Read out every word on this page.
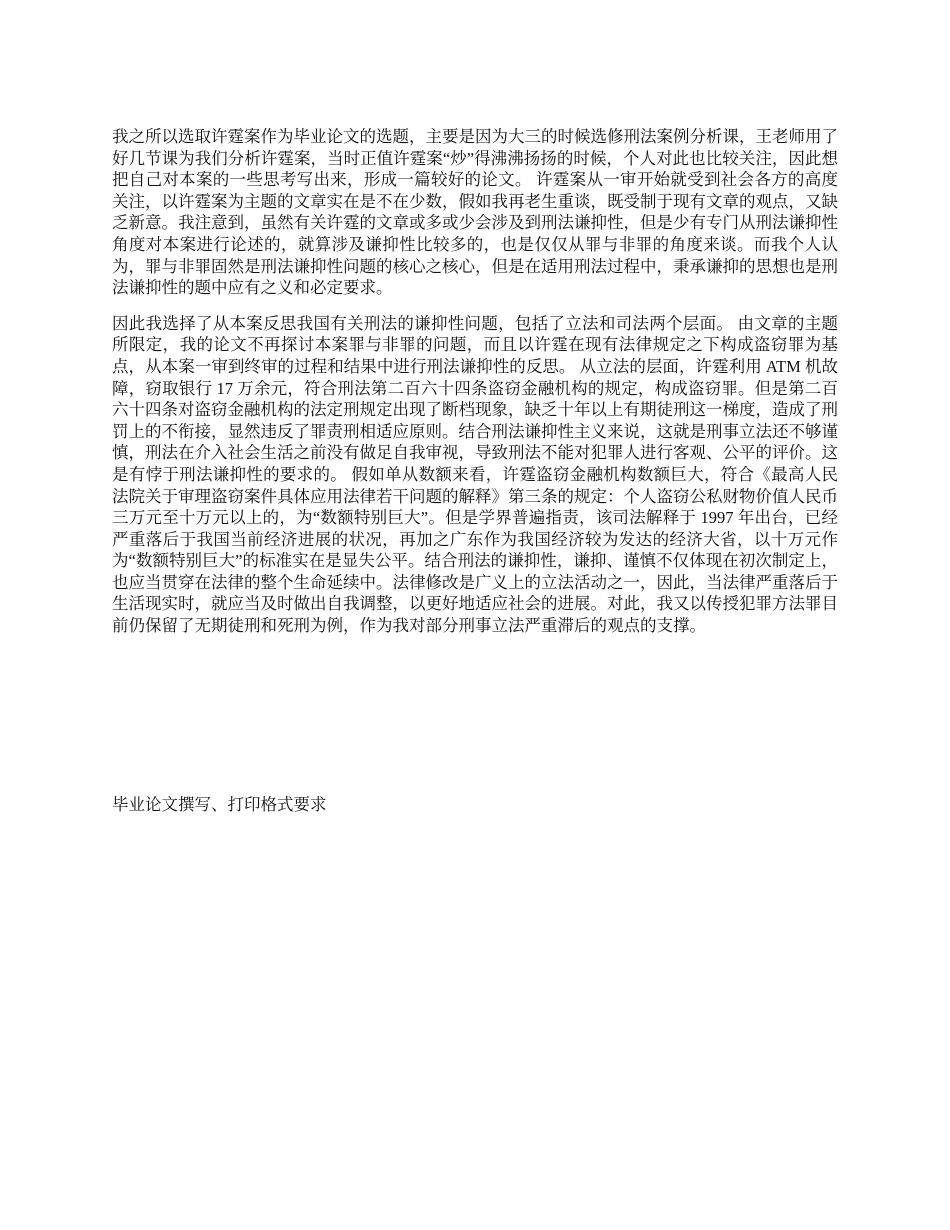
我之所以选取许霆案作为毕业论文的选题，主要是因为大三的时候选修刑法案例分析课，王老师用了好几节课为我们分析许霆案，当时正值许霆案“炒”得沸沸扬扬的时候，个人对此也比较关注，因此想把自己对本案的一些思考写出来，形成一篇较好的论文。 许霆案从一审开始就受到社会各方的高度关注，以许霆案为主题的文章实在是不在少数，假如我再老生重谈，既受制于现有文章的观点，又缺乏新意。我注意到，虽然有关许霆的文章或多或少会涉及到刑法谦抑性，但是少有专门从刑法谦抑性角度对本案进行论述的，就算涉及谦抑性比较多的，也是仅仅从罪与非罪的角度来谈。而我个人认为，罪与非罪固然是刑法谦抑性问题的核心之核心，但是在适用刑法过程中，秉承谦抑的思想也是刑法谦抑性的题中应有之义和必定要求。

因此我选择了从本案反思我国有关刑法的谦抑性问题，包括了立法和司法两个层面。 由文章的主题所限定，我的论文不再探讨本案罪与非罪的问题，而且以许霆在现有法律规定之下构成盗窃罪为基点，从本案一审到终审的过程和结果中进行刑法谦抑性的反思。 从立法的层面，许霆利用 ATM 机故障，窃取银行 17 万余元，符合刑法第二百六十四条盗窃金融机构的规定，构成盗窃罪。但是第二百六十四条对盗窃金融机构的法定刑规定出现了断档现象，缺乏十年以上有期徒刑这一梯度，造成了刑罚上的不衔接，显然违反了罪责刑相适应原则。结合刑法谦抑性主义来说，这就是刑事立法还不够谨慎，刑法在介入社会生活之前没有做足自我审视，导致刑法不能对犯罪人进行客观、公平的评价。这是有悖于刑法谦抑性的要求的。 假如单从数额来看，许霆盗窃金融机构数额巨大，符合《最高人民法院关于审理盗窃案件具体应用法律若干问题的解释》第三条的规定：个人盗窃公私财物价值人民币三万元至十万元以上的，为“数额特别巨大”。但是学界普遍指责，该司法解释于 1997 年出台，已经严重落后于我国当前经济进展的状况，再加之广东作为我国经济较为发达的经济大省，以十万元作为“数额特别巨大”的标准实在是显失公平。结合刑法的谦抑性，谦抑、谨慎不仅体现在初次制定上，也应当贯穿在法律的整个生命延续中。法律修改是广义上的立法活动之一，因此，当法律严重落后于生活现实时，就应当及时做出自我调整，以更好地适应社会的进展。对此，我又以传授犯罪方法罪目前仍保留了无期徒刑和死刑为例，作为我对部分刑事立法严重滞后的观点的支撑。

毕业论文撰写、打印格式要求
